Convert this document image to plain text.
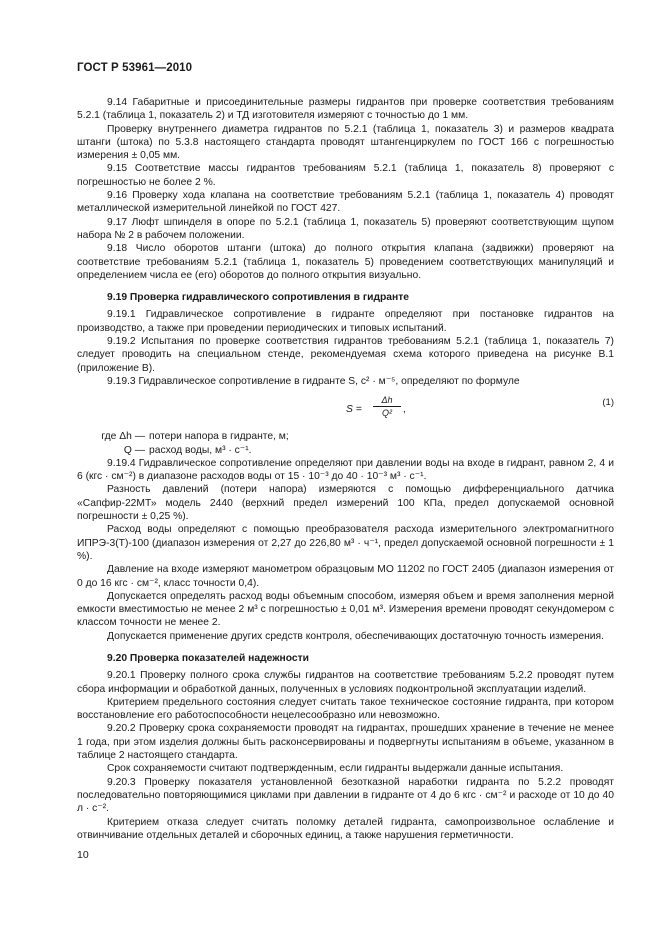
ГОСТ Р 53961—2010

9.14 Габаритные и присоединительные размеры гидрантов при проверке соответствия требованиям 5.2.1 (таблица 1, показатель 2) и ТД изготовителя измеряют с точностью до 1 мм.

Проверку внутреннего диаметра гидрантов по 5.2.1 (таблица 1, показатель 3) и размеров квадрата штанги (штока) по 5.3.8 настоящего стандарта проводят штангенциркулем по ГОСТ 166 с погрешностью измерения ± 0,05 мм.

9.15 Соответствие массы гидрантов требованиям 5.2.1 (таблица 1, показатель 8) проверяют с погрешностью не более 2 %.

9.16 Проверку хода клапана на соответствие требованиям 5.2.1 (таблица 1, показатель 4) проводят металлической измерительной линейкой по ГОСТ 427.

9.17 Люфт шпинделя в опоре по 5.2.1 (таблица 1, показатель 5) проверяют соответствующим щупом набора № 2 в рабочем положении.

9.18 Число оборотов штанги (штока) до полного открытия клапана (задвижки) проверяют на соответствие требованиям 5.2.1 (таблица 1, показатель 5) проведением соответствующих манипуляций и определением числа ее (его) оборотов до полного открытия визуально.

9.19 Проверка гидравлического сопротивления в гидранте

9.19.1 Гидравлическое сопротивление в гидранте определяют при постановке гидрантов на производство, а также при проведении периодических и типовых испытаний.

9.19.2 Испытания по проверке соответствия гидрантов требованиям 5.2.1 (таблица 1, показатель 7) следует проводить на специальном стенде, рекомендуемая схема которого приведена на рисунке В.1 (приложение В).

9.19.3 Гидравлическое сопротивление в гидранте S, с² · м⁻⁵, определяют по формуле

$S = \frac{\Delta h}{\text{Q²}}$ ,
(1)
где Δh — потери напора в гидранте, м;
Q — расход воды, м³ · с⁻¹.

9.19.4 Гидравлическое сопротивление определяют при давлении воды на входе в гидрант, равном 2, 4 и 6 (кгс · см⁻²) в диапазоне расходов воды от 15 · 10⁻³ до 40 · 10⁻³ м³ · с⁻¹.

Разность давлений (потери напора) измеряются с помощью дифференциального датчика «Сапфир-22МТ» модель 2440 (верхний предел измерений 100 КПа, предел допускаемой основной погрешности ± 0,25 %).

Расход воды определяют с помощью преобразователя расхода измерительного электромагнитного ИПРЭ-3(Т)-100 (диапазон измерения от 2,27 до 226,80 м³ · ч⁻¹, предел допускаемой основной погрешности ± 1 %).

Давление на входе измеряют манометром образцовым МО 11202 по ГОСТ 2405 (диапазон измерения от 0 до 16 кгс · см⁻², класс точности 0,4).

Допускается определять расход воды объемным способом, измеряя объем и время заполнения мерной емкости вместимостью не менее 2 м³ с погрешностью ± 0,01 м³. Измерения времени проводят секундомером с классом точности не менее 2.

Допускается применение других средств контроля, обеспечивающих достаточную точность измерения.

9.20 Проверка показателей надежности

9.20.1 Проверку полного срока службы гидрантов на соответствие требованиям 5.2.2 проводят путем сбора информации и обработкой данных, полученных в условиях подконтрольной эксплуатации изделий.

Критерием предельного состояния следует считать такое техническое состояние гидранта, при котором восстановление его работоспособности нецелесообразно или невозможно.

9.20.2 Проверку срока сохраняемости проводят на гидрантах, прошедших хранение в течение не менее 1 года, при этом изделия должны быть расконсервированы и подвергнуты испытаниям в объеме, указанном в таблице 2 настоящего стандарта.

Срок сохраняемости считают подтвержденным, если гидранты выдержали данные испытания.

9.20.3 Проверку показателя установленной безотказной наработки гидранта по 5.2.2 проводят последовательно повторяющимися циклами при давлении в гидранте от 4 до 6 кгс · см⁻² и расходе от 10 до 40 л · с⁻².

Критерием отказа следует считать поломку деталей гидранта, самопроизвольное ослабление и отвинчивание отдельных деталей и сборочных единиц, а также нарушения герметичности.

10
